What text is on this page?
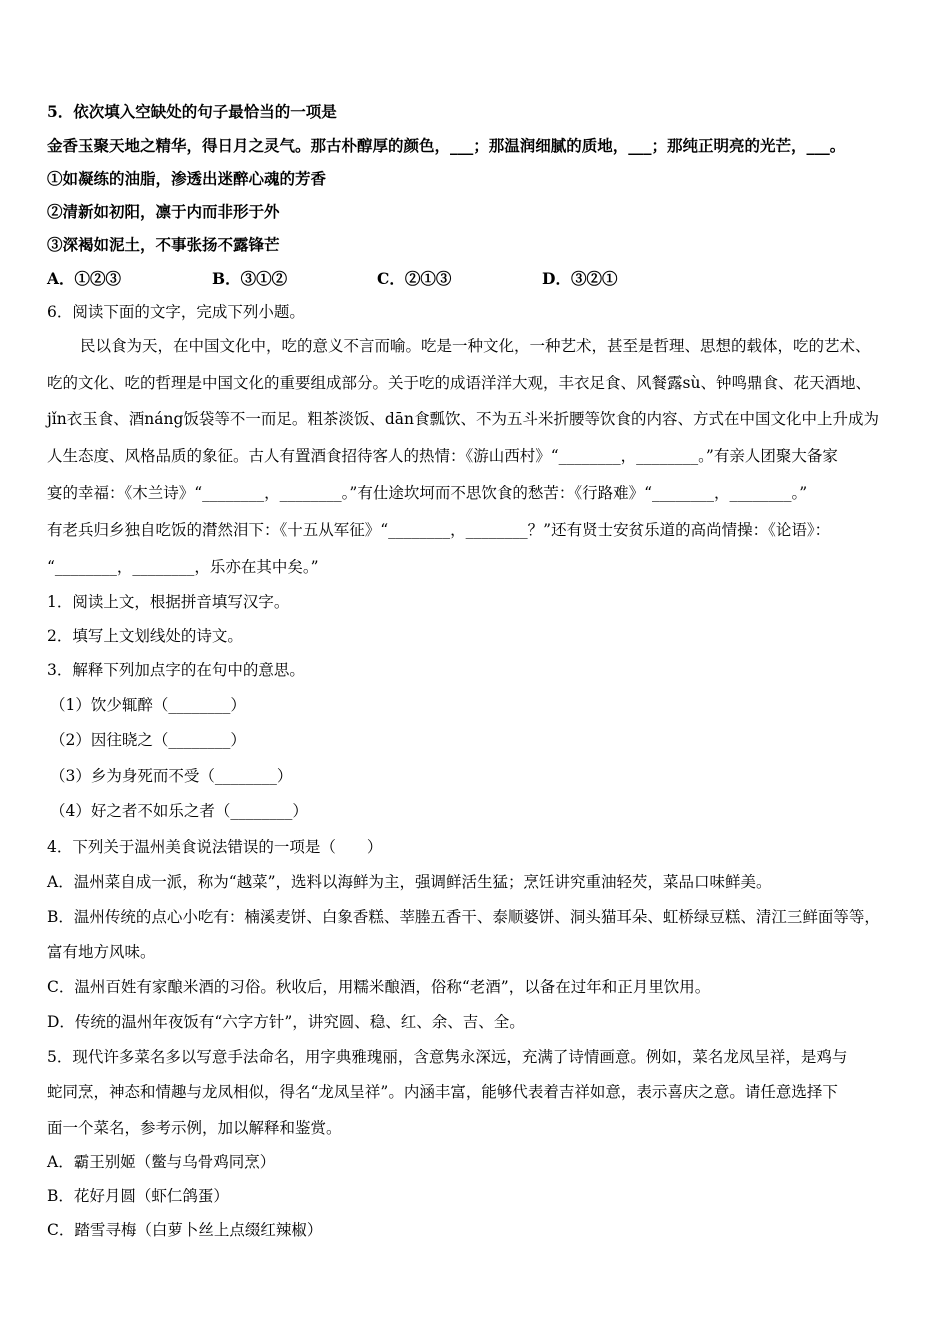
5．依次填入空缺处的句子最恰当的一项是
金香玉聚天地之精华，得日月之灵气。那古朴醇厚的颜色，___；那温润细腻的质地，___；那纯正明亮的光芒，___。
①如凝练的油脂，渗透出迷醉心魂的芳香
②清新如初阳，凛于内而非形于外
③深褐如泥土，不事张扬不露锋芒
A．①②③	B．③①②	C．②①③	D．③②①
6．阅读下面的文字，完成下列小题。
民以食为天，在中国文化中，吃的意义不言而喻。吃是一种文化，一种艺术，甚至是哲理、思想的载体，吃的艺术、
吃的文化、吃的哲理是中国文化的重要组成部分。关于吃的成语洋洋大观，丰衣足食、风餐露sù、钟鸣鼎食、花天酒地、
jǐn衣玉食、酒náng饭袋等不一而足。粗茶淡饭、dān食瓢饮、不为五斗米折腰等饮食的内容、方式在中国文化中上升成为
人生态度、风格品质的象征。古人有置酒食招待客人的热情：《游山西村》“________，________。”有亲人团聚大备家
宴的幸福：《木兰诗》“________，________。”有仕途坎坷而不思饮食的愁苦：《行路难》“________，________。”
有老兵归乡独自吃饭的潸然泪下：《十五从军征》“________，________？”还有贤士安贫乐道的高尚情操：《论语》：
“________，________，乐亦在其中矣。”
1．阅读上文，根据拼音填写汉字。
2．填写上文划线处的诗文。
3．解释下列加点字的在句中的意思。
（1）饮少辄醉（________）
（2）因往晓之（________）
（3）乡为身死而不受（________）
（4）好之者不如乐之者（________）
4．下列关于温州美食说法错误的一项是（　　）
A．温州菜自成一派，称为“越菜”，选料以海鲜为主，强调鲜活生猛；烹饪讲究重油轻芡，菜品口味鲜美。
B．温州传统的点心小吃有：楠溪麦饼、白象香糕、莘塍五香干、泰顺婆饼、洞头猫耳朵、虹桥绿豆糕、清江三鲜面等等，
富有地方风味。
C．温州百姓有家酿米酒的习俗。秋收后，用糯米酿酒，俗称“老酒”，以备在过年和正月里饮用。
D．传统的温州年夜饭有“六字方针”，讲究圆、稳、红、余、吉、全。
5．现代许多菜名多以写意手法命名，用字典雅瑰丽，含意隽永深远，充满了诗情画意。例如，菜名龙凤呈祥，是鸡与
蛇同烹，神态和情趣与龙凤相似，得名“龙凤呈祥”。内涵丰富，能够代表着吉祥如意，表示喜庆之意。请任意选择下
面一个菜名，参考示例，加以解释和鉴赏。
A．霸王别姬（鳖与乌骨鸡同烹）
B．花好月圆（虾仁鸽蛋）
C．踏雪寻梅（白萝卜丝上点缀红辣椒）
